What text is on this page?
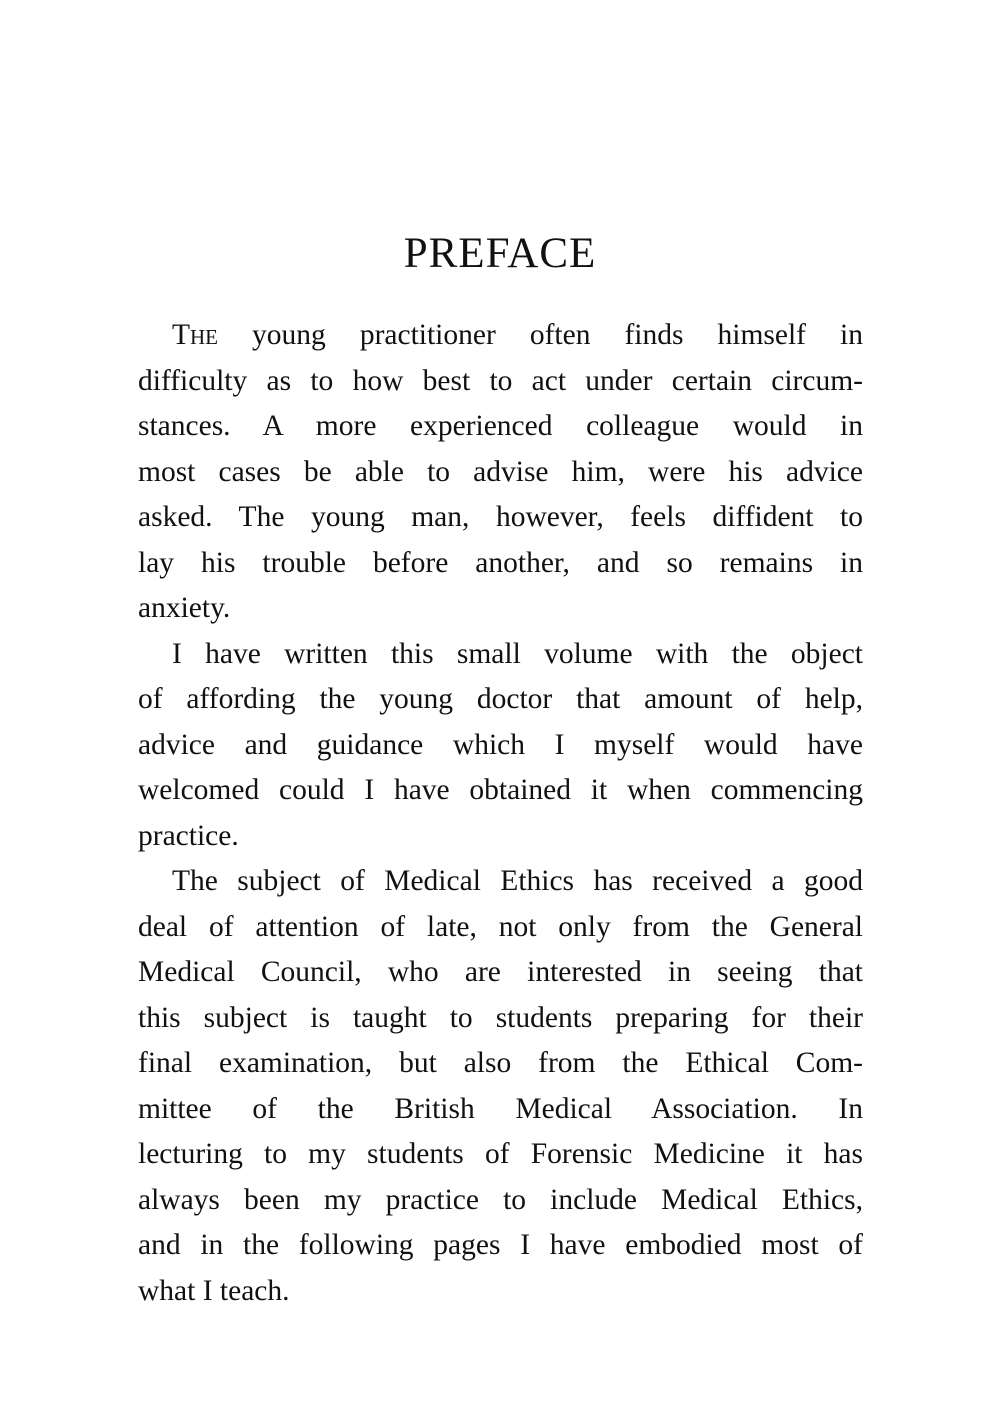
PREFACE

The young practitioner often finds himself in
difficulty as to how best to act under certain circum-
stances. A more experienced colleague would in
most cases be able to advise him, were his advice
asked. The young man, however, feels diffident to
lay his trouble before another, and so remains in
anxiety.

I have written this small volume with the object
of affording the young doctor that amount of help,
advice and guidance which I myself would have
welcomed could I have obtained it when commencing
practice.

The subject of Medical Ethics has received a good
deal of attention of late, not only from the General
Medical Council, who are interested in seeing that
this subject is taught to students preparing for their
final examination, but also from the Ethical Com-
mittee of the British Medical Association. In
lecturing to my students of Forensic Medicine it has
always been my practice to include Medical Ethics,
and in the following pages I have embodied most of
what I teach.
